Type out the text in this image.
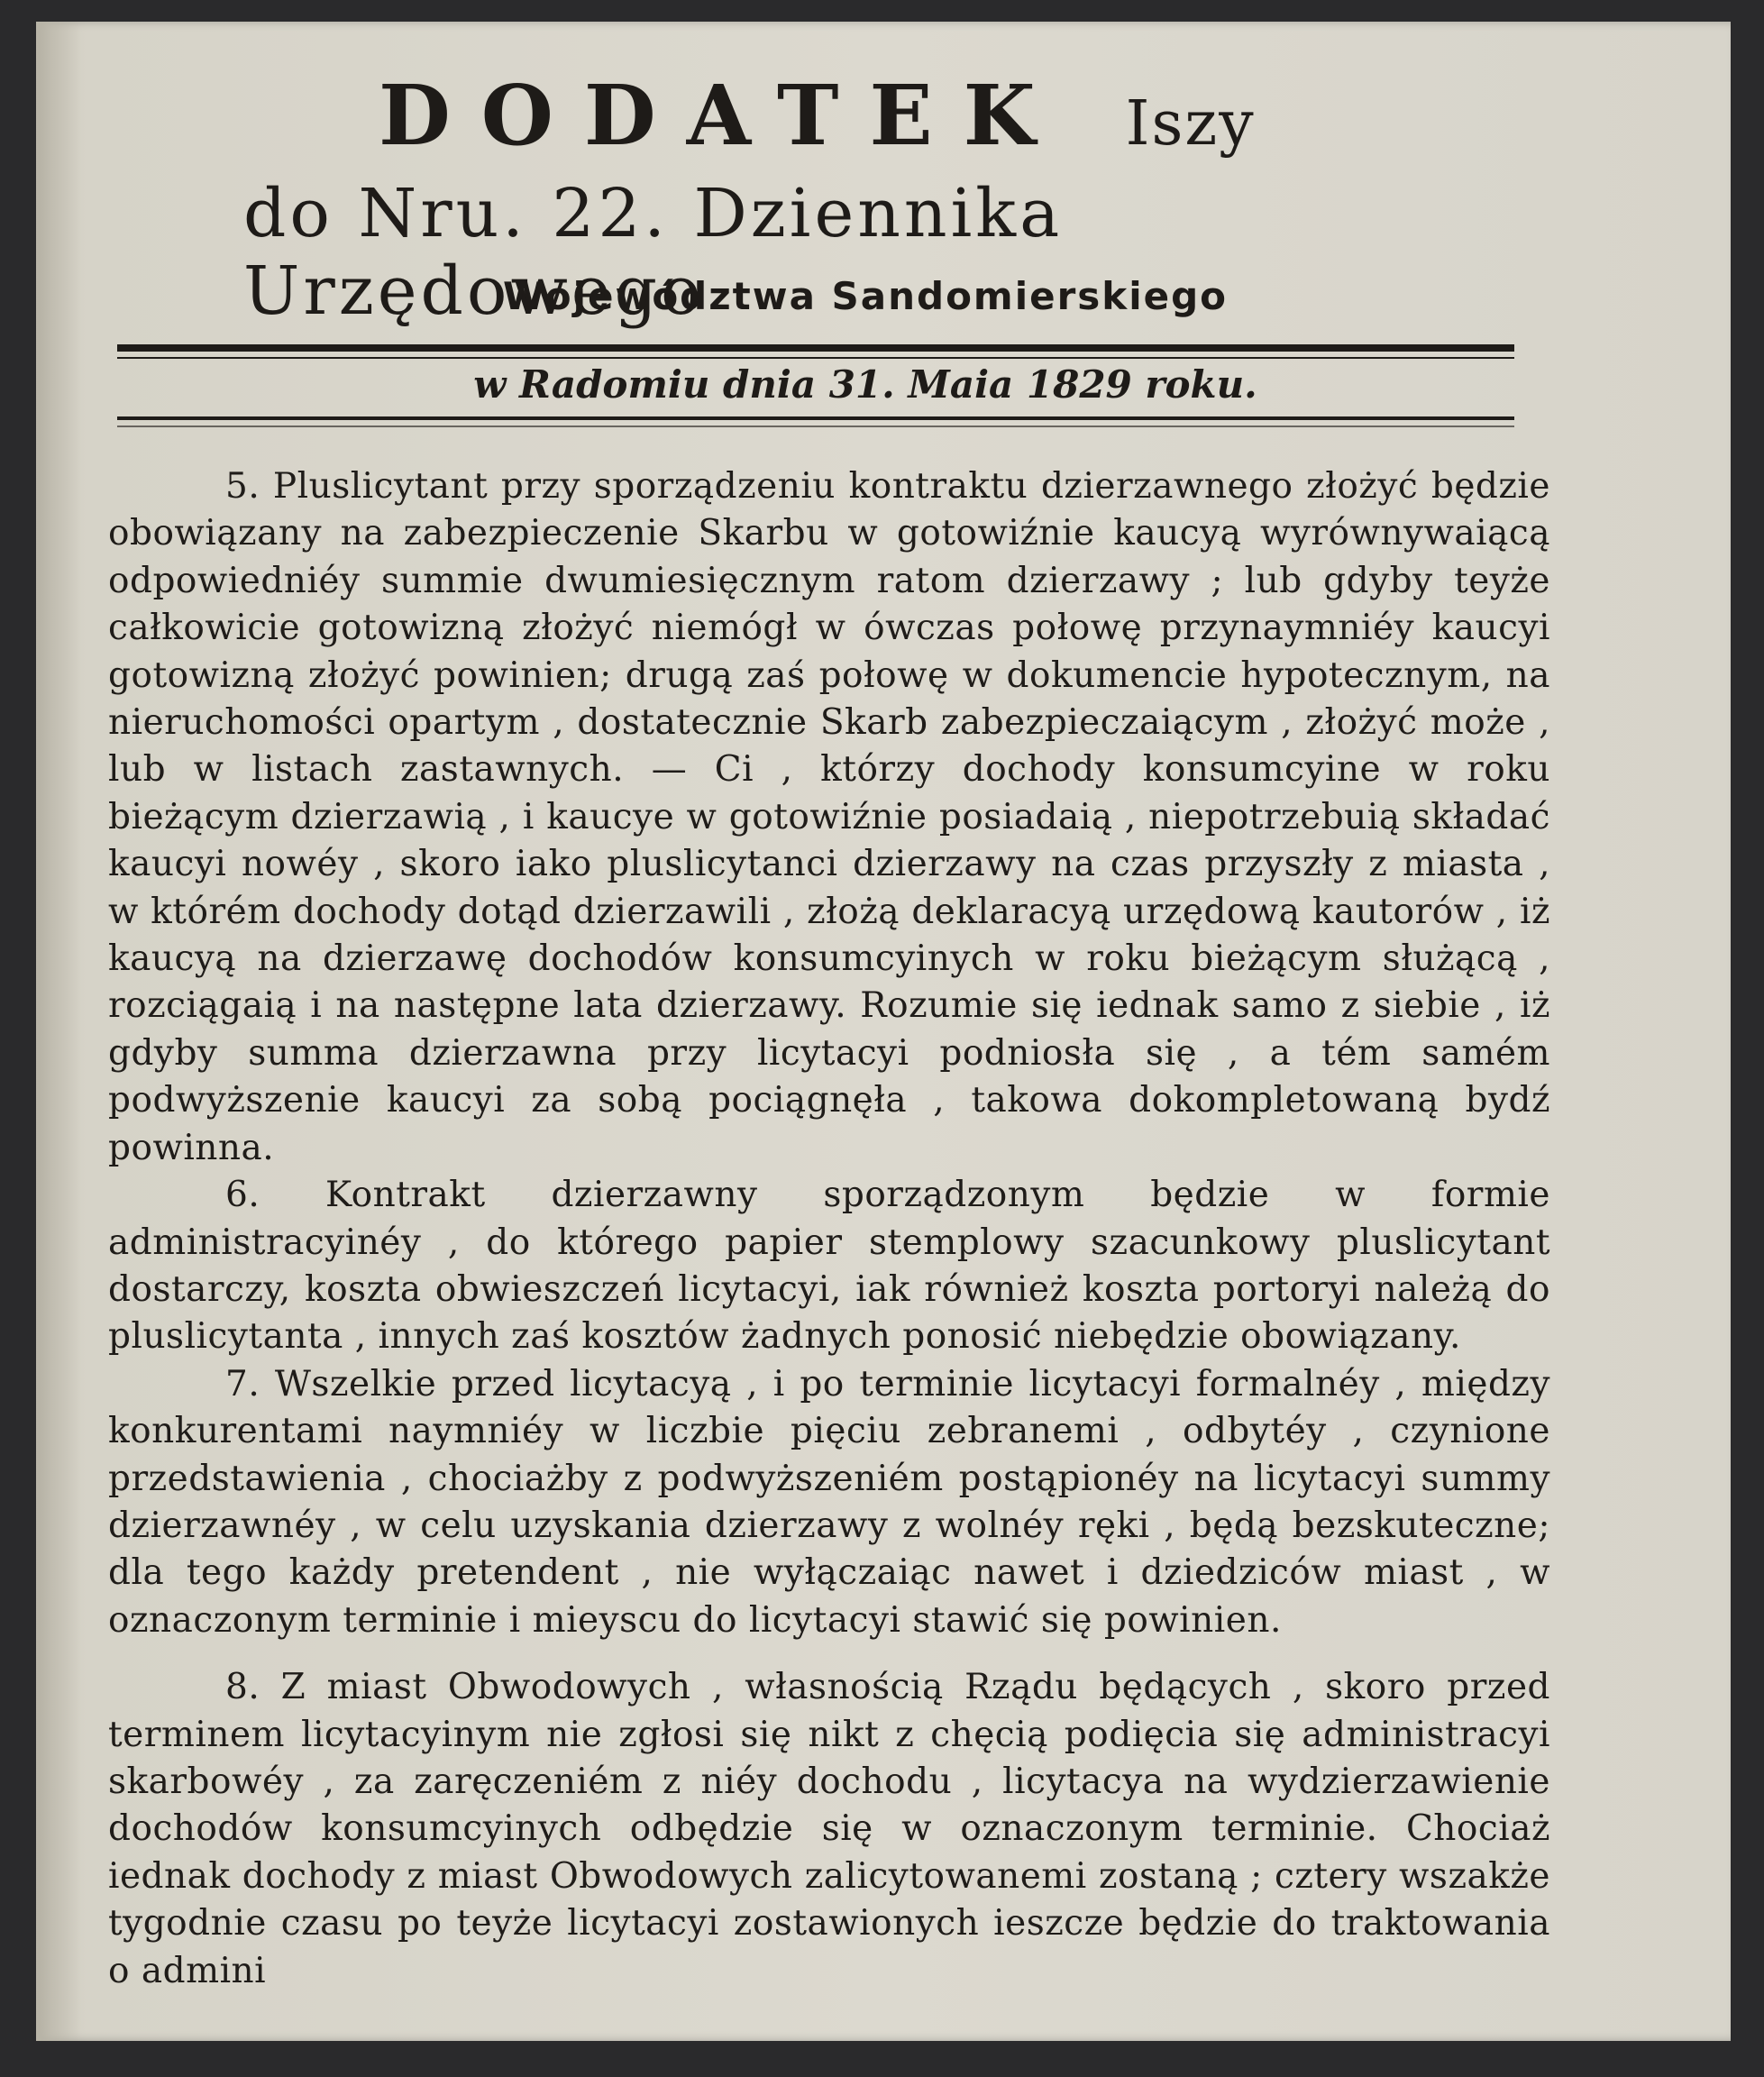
DODATEK Iszy
do Nru. 22. Dziennika Urzędowego
Województwa Sandomierskiego
w Radomiu dnia 31. Maia 1829 roku.

5. Pluslicytant przy sporządzeniu kontraktu dzierzawnego złożyć będzie obowiązany na zabezpieczenie Skarbu w gotowiźnie kaucyą wyrównywaiącą odpowiedniéy summie dwumiesięcznym ratom dzierzawy ; lub gdyby teyże całkowicie gotowizną złożyć niemógł w ówczas połowę przynaymniéy kaucyi gotowizną złożyć powinien; drugą zaś połowę w dokumencie hypotecznym, na nieruchomości opartym , dostatecznie Skarb zabezpieczaiącym , złożyć może , lub w listach zastawnych. — Ci , którzy dochody konsumcyine w roku bieżącym dzierzawią , i kaucye w gotowiźnie posiadaią , niepotrzebuią składać kaucyi nowéy , skoro iako pluslicytanci dzierzawy na czas przyszły z miasta , w którém dochody dotąd dzierzawili , złożą deklaracyą urzędową kautorów , iż kaucyą na dzierzawę dochodów konsumcyinych w roku bieżącym służącą , rozciągaią i na następne lata dzierzawy. Rozumie się iednak samo z siebie , iż gdyby summa dzierzawna przy licytacyi podniosła się , a tém samém podwyższenie kaucyi za sobą pociągnęła , takowa dokompletowaną bydź powinna.

6. Kontrakt dzierzawny sporządzonym będzie w formie administracyinéy , do którego papier stemplowy szacunkowy pluslicytant dostarczy, koszta obwieszczeń licytacyi, iak również koszta portoryi należą do pluslicytanta , innych zaś kosztów żadnych ponosić niebędzie obowiązany.

7. Wszelkie przed licytacyą , i po terminie licytacyi formalnéy , między konkurentami naymniéy w liczbie pięciu zebranemi , odbytéy , czynione przedstawienia , chociażby z podwyższeniém postąpionéy na licytacyi summy dzierzawnéy , w celu uzyskania dzierzawy z wolnéy ręki , będą bezskuteczne; dla tego każdy pretendent , nie wyłączaiąc nawet i dziedziców miast , w oznaczonym terminie i mieyscu do licytacyi stawić się powinien.

8. Z miast Obwodowych , własnością Rządu będących , skoro przed terminem licytacyinym nie zgłosi się nikt z chęcią podięcia się administracyi skarbowéy , za zaręczeniém z niéy dochodu , licytacya na wydzierzawienie dochodów konsumcyinych odbędzie się w oznaczonym terminie. Chociaż iednak dochody z miast Obwodowych zalicytowanemi zostaną ; cztery wszakże tygodnie czasu po teyże licytacyi zostawionych ieszcze będzie do traktowania o admini
